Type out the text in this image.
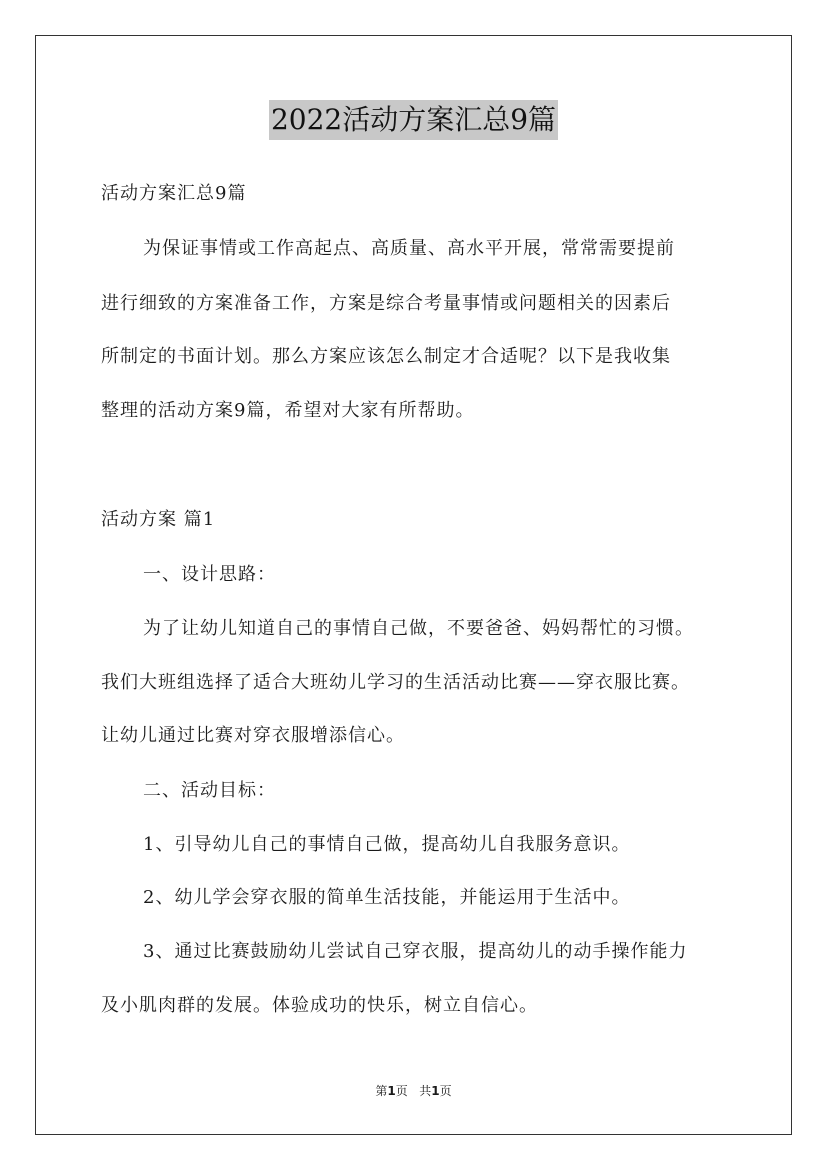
2022活动方案汇总9篇
活动方案汇总9篇
为保证事情或工作高起点、高质量、高水平开展，常常需要提前
进行细致的方案准备工作，方案是综合考量事情或问题相关的因素后
所制定的书面计划。那么方案应该怎么制定才合适呢？以下是我收集
整理的活动方案9篇，希望对大家有所帮助。
活动方案 篇1
一、设计思路：
为了让幼儿知道自己的事情自己做，不要爸爸、妈妈帮忙的习惯。
我们大班组选择了适合大班幼儿学习的生活活动比赛——穿衣服比赛。
让幼儿通过比赛对穿衣服增添信心。
二、活动目标：
1、引导幼儿自己的事情自己做，提高幼儿自我服务意识。
2、幼儿学会穿衣服的简单生活技能，并能运用于生活中。
3、通过比赛鼓励幼儿尝试自己穿衣服，提高幼儿的动手操作能力
及小肌肉群的发展。体验成功的快乐，树立自信心。
第1页 共1页
